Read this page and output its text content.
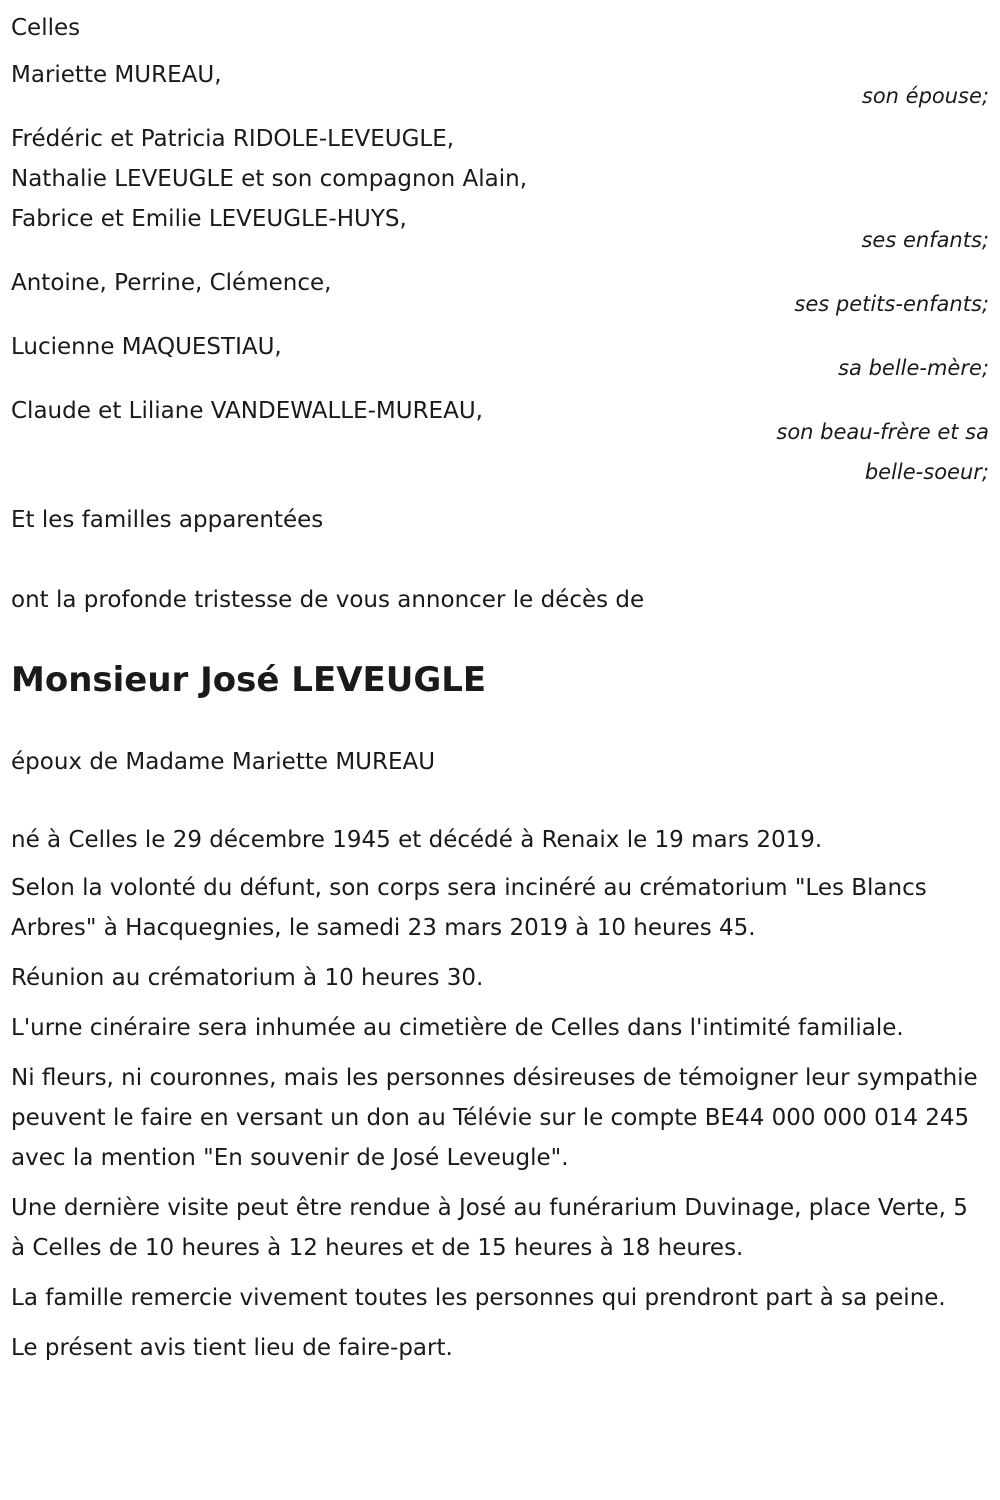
Celles

Mariette MUREAU,

son épouse;

Frédéric et Patricia RIDOLE-LEVEUGLE,

Nathalie LEVEUGLE et son compagnon Alain,

Fabrice et Emilie LEVEUGLE-HUYS,

ses enfants;

Antoine, Perrine, Clémence,

ses petits-enfants;

Lucienne MAQUESTIAU,

sa belle-mère;

Claude et Liliane VANDEWALLE-MUREAU,

son beau-frère et sa belle-soeur;

Et les familles apparentées

ont la profonde tristesse de vous annoncer le décès de

Monsieur José LEVEUGLE

époux de Madame Mariette MUREAU

né à Celles le 29 décembre 1945 et décédé à Renaix le 19 mars 2019.

Selon la volonté du défunt, son corps sera incinéré au crématorium "Les Blancs Arbres" à Hacquegnies, le samedi 23 mars 2019 à 10 heures 45.

Réunion au crématorium à 10 heures 30.

L'urne cinéraire sera inhumée au cimetière de Celles dans l'intimité familiale.

Ni fleurs, ni couronnes, mais les personnes désireuses de témoigner leur sympathie peuvent le faire en versant un don au Télévie sur le compte BE44 000 000 014 245 avec la mention "En souvenir de José Leveugle".

Une dernière visite peut être rendue à José au funérarium Duvinage, place Verte, 5 à Celles de 10 heures à 12 heures et de 15 heures à 18 heures.

La famille remercie vivement toutes les personnes qui prendront part à sa peine.

Le présent avis tient lieu de faire-part.
